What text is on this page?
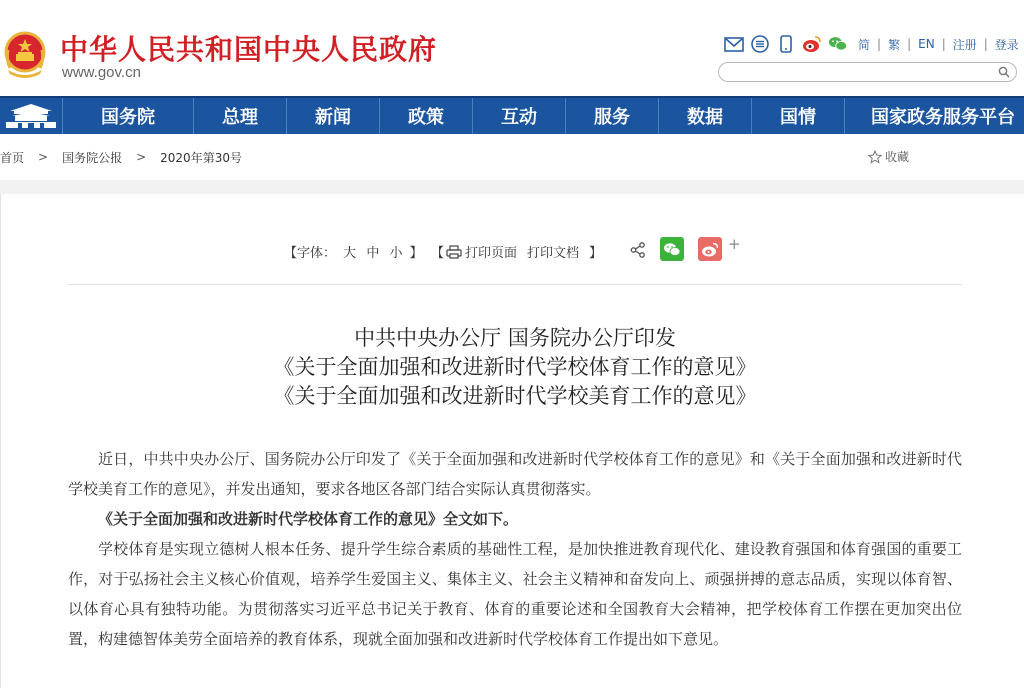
中华人民共和国中央人民政府
www.gov.cn
简 | 繁 | EN | 注册 | 登录
国务院	总理	新闻	政策	互动	服务	数据	国情	国家政务服务平台
首页 > 国务院公报 > 2020年第30号	收藏
【字体： 大 中 小 】 【 打印页面 打印文档 】
+
中共中央办公厅 国务院办公厅印发
《关于全面加强和改进新时代学校体育工作的意见》
《关于全面加强和改进新时代学校美育工作的意见》

近日，中共中央办公厅、国务院办公厅印发了《关于全面加强和改进新时代学校体育工作的意见》和《关于全面加强和改进新时代学校美育工作的意见》，并发出通知，要求各地区各部门结合实际认真贯彻落实。

《关于全面加强和改进新时代学校体育工作的意见》全文如下。

学校体育是实现立德树人根本任务、提升学生综合素质的基础性工程，是加快推进教育现代化、建设教育强国和体育强国的重要工作，对于弘扬社会主义核心价值观，培养学生爱国主义、集体主义、社会主义精神和奋发向上、顽强拼搏的意志品质，实现以体育智、以体育心具有独特功能。为贯彻落实习近平总书记关于教育、体育的重要论述和全国教育大会精神，把学校体育工作摆在更加突出位置，构建德智体美劳全面培养的教育体系，现就全面加强和改进新时代学校体育工作提出如下意见。
